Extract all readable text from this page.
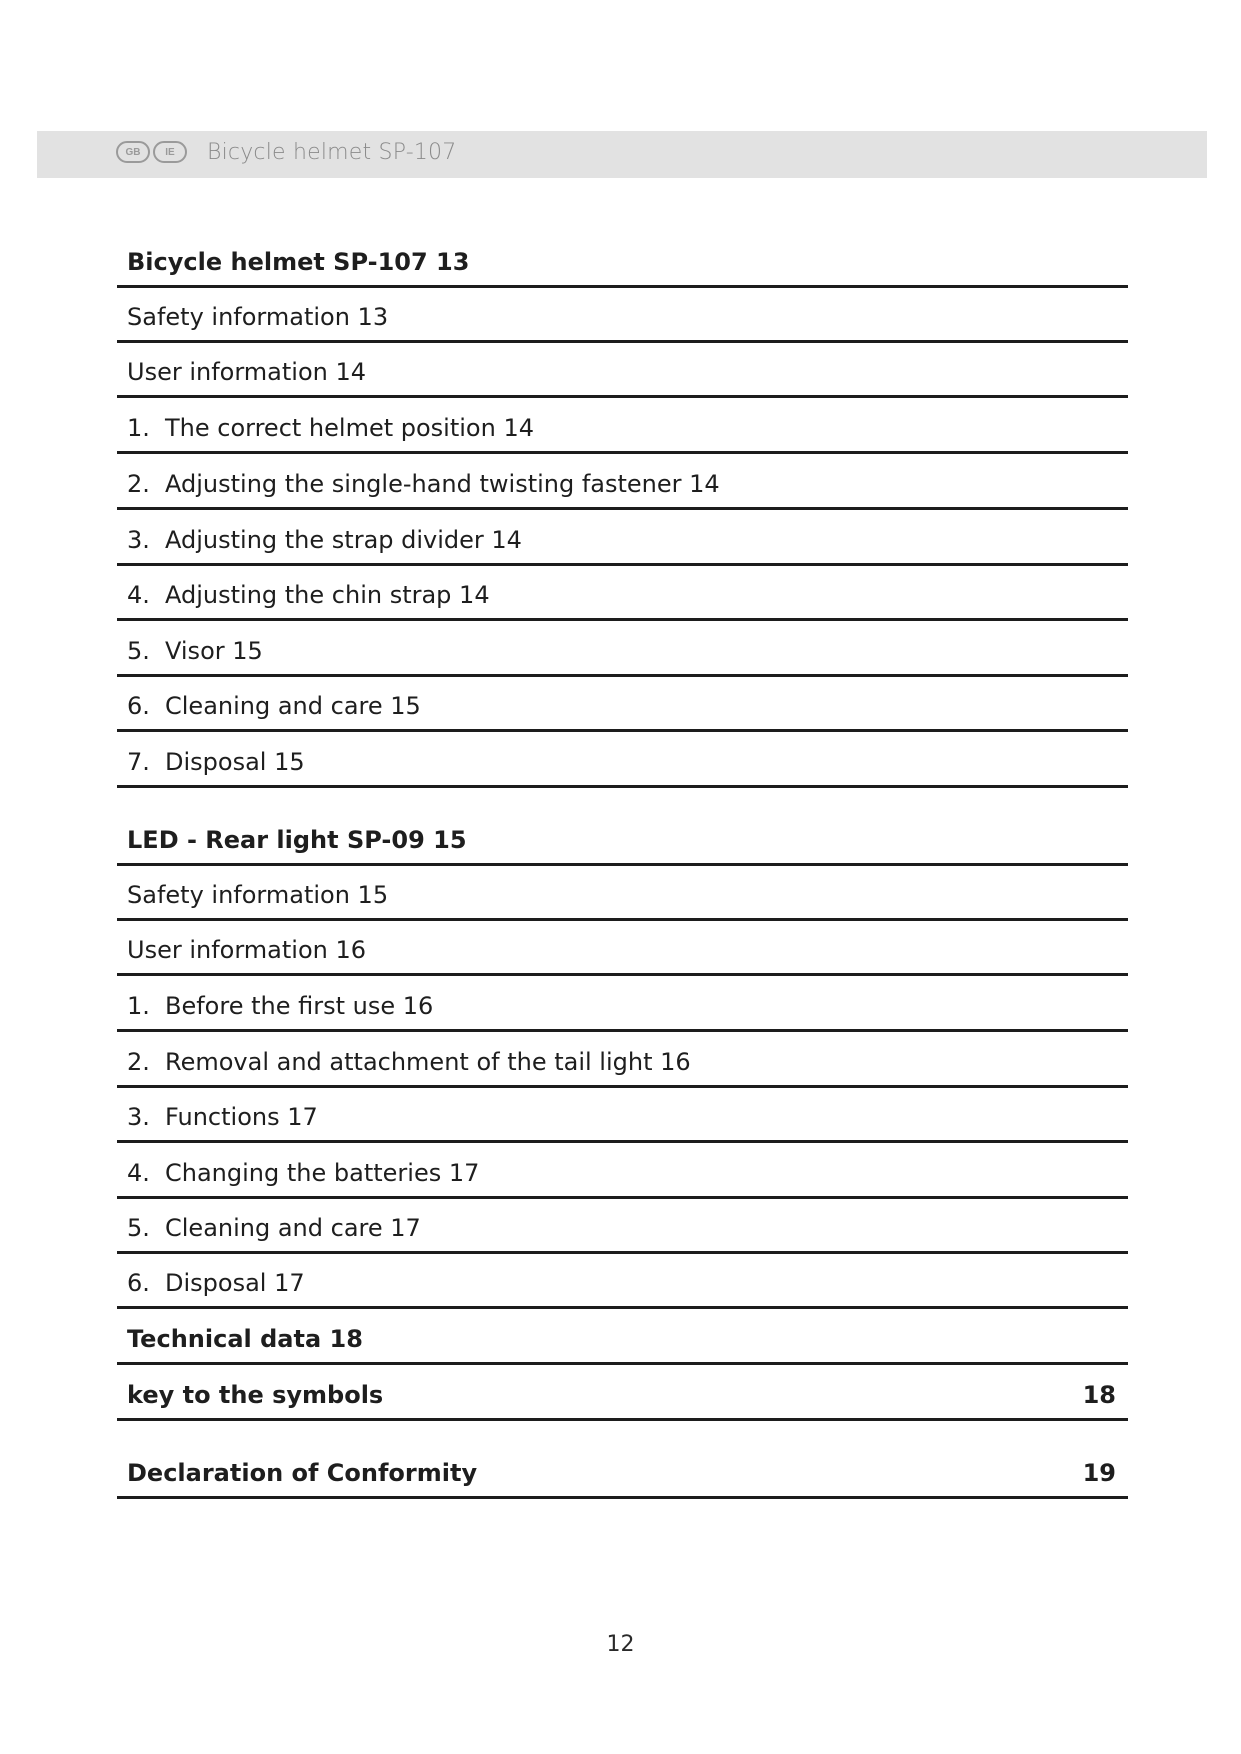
GB	IE	Bicycle helmet SP-107
Bicycle helmet SP-107 13
Safety information 13
User information 14
1. The correct helmet position 14
2. Adjusting the single-hand twisting fastener 14
3. Adjusting the strap divider 14
4. Adjusting the chin strap 14
5. Visor 15
6. Cleaning and care 15
7. Disposal 15
LED - Rear light SP-09 15
Safety information 15
User information 16
1. Before the first use 16
2. Removal and attachment of the tail light 16
3. Functions 17
4. Changing the batteries 17
5. Cleaning and care 17
6. Disposal 17
Technical data 18
key to the symbols	18
Declaration of Conformity	19
12
